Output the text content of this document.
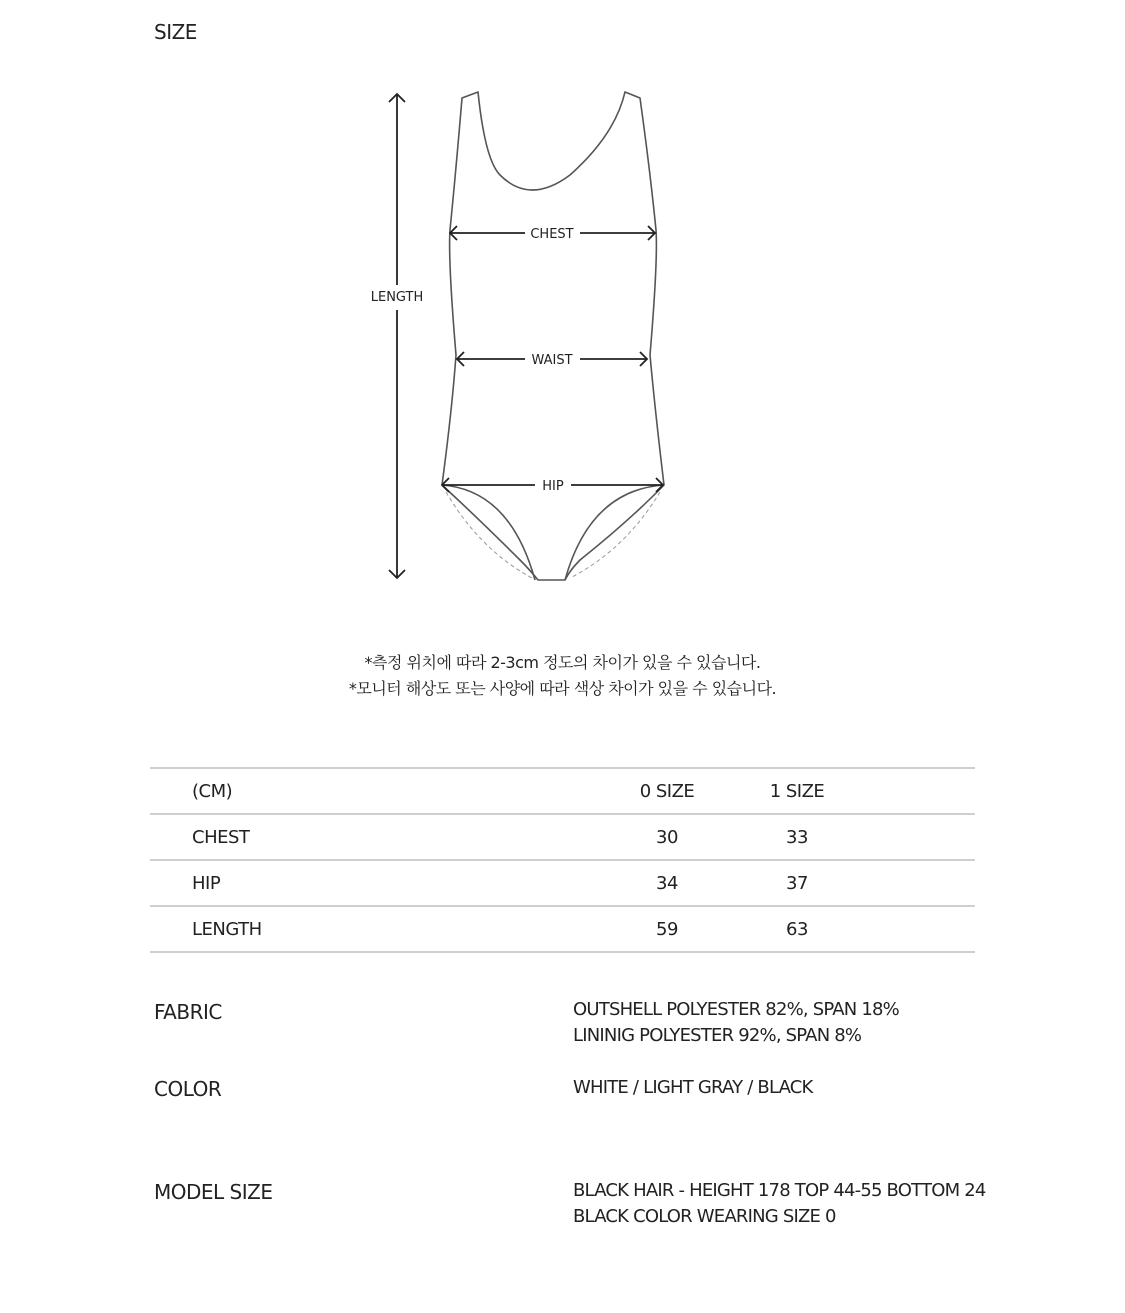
SIZE
LENGTH
CHEST
WAIST
HIP
*측정 위치에 따라 2-3cm 정도의 차이가 있을 수 있습니다.
*모니터 해상도 또는 사양에 따라 색상 차이가 있을 수 있습니다.
(CM)	0 SIZE	1 SIZE	
CHEST	30	33	
HIP	34	37	
LENGTH	59	63	
FABRIC	OUTSHELL POLYESTER 82%, SPAN 18%
LININIG POLYESTER 92%, SPAN 8%
COLOR	WHITE / LIGHT GRAY / BLACK
MODEL SIZE	BLACK HAIR - HEIGHT 178 TOP 44-55 BOTTOM 24
BLACK COLOR WEARING SIZE 0
